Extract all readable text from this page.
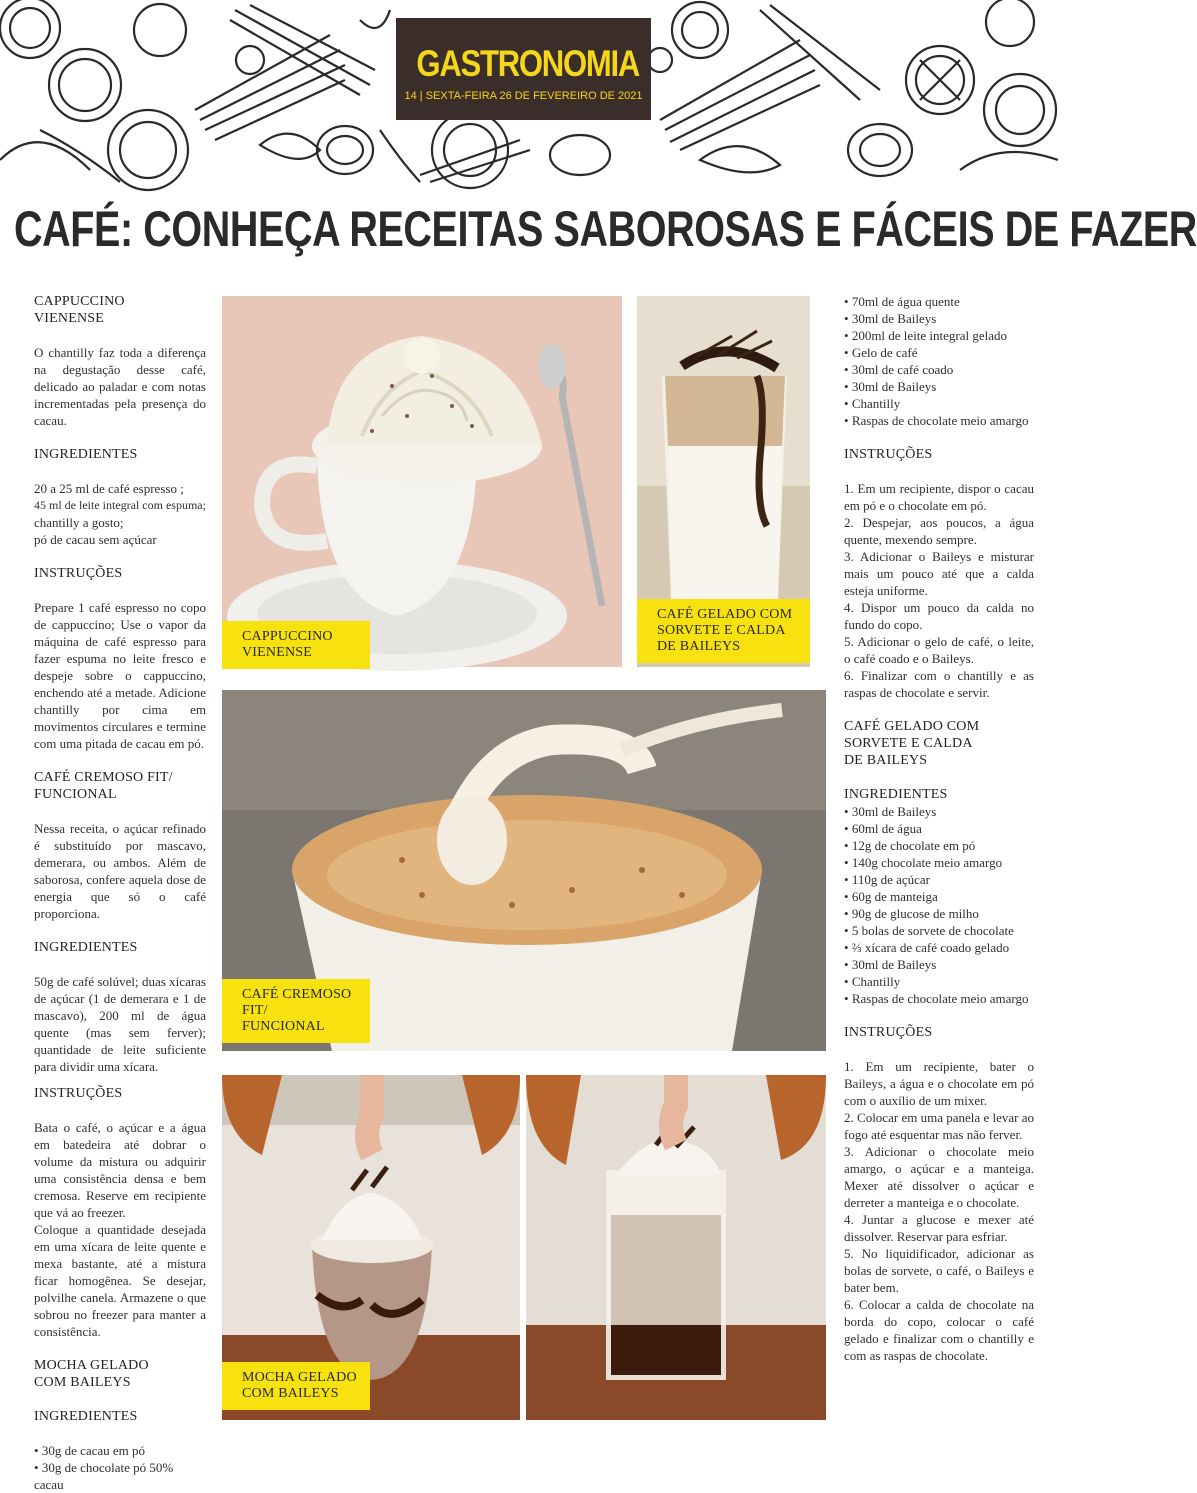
GASTRONOMIA
14 | SEXTA-FEIRA 26 DE FEVEREIRO DE 2021
CAFÉ: CONHEÇA RECEITAS SABOROSAS E FÁCEIS DE FAZER
CAPPUCCINO
VIENENSE

O chantilly faz toda a diferença na degustação desse café, delicado ao paladar e com notas incrementadas pela presença do cacau.

INGREDIENTES
20 a 25 ml de café espresso ;
45 ml de leite integral com espuma;
chantilly a gosto;
pó de cacau sem açúcar
INSTRUÇÕES

Prepare 1 café espresso no copo de cappuccino; Use o vapor da máquina de café espresso para fazer espuma no leite fresco e despeje sobre o cappuccino, enchendo até a metade. Adicione chantilly por cima em movimentos circulares e termine com uma pitada de cacau em pó.

CAFÉ CREMOSO FIT/
FUNCIONAL

Nessa receita, o açúcar refinado é substituído por mascavo, demerara, ou ambos. Além de saborosa, confere aquela dose de energia que só o café proporciona.

INGREDIENTES

50g de café solúvel; duas xícaras de açúcar (1 de demerara e 1 de mascavo), 200 ml de água quente (mas sem ferver); quantidade de leite suficiente para dividir uma xícara.

INSTRUÇÕES

Bata o café, o açúcar e a água em batedeira até dobrar o volume da mistura ou adquirir uma consistência densa e bem cremosa. Reserve em recipiente que vá ao freezer.

Coloque a quantidade desejada em uma xícara de leite quente e mexa bastante, até a mistura ficar homogênea. Se desejar, polvilhe canela. Armazene o que sobrou no freezer para manter a consistência.

MOCHA GELADO
COM BAILEYS
INGREDIENTES
• 30g de cacau em pó
• 30g de chocolate pó 50% cacau
CAPPUCCINO
VIENENSE
CAFÉ GELADO COM
SORVETE E CALDA
DE BAILEYS
CAFÉ CREMOSO
FIT/
FUNCIONAL
MOCHA GELADO
COM BAILEYS
• 70ml de água quente
• 30ml de Baileys
• 200ml de leite integral gelado
• Gelo de café
• 30ml de café coado
• 30ml de Baileys
• Chantilly
• Raspas de chocolate meio amargo
INSTRUÇÕES

1. Em um recipiente, dispor o cacau em pó e o chocolate em pó.

2. Despejar, aos poucos, a água quente, mexendo sempre.

3. Adicionar o Baileys e misturar mais um pouco até que a calda esteja uniforme.

4. Dispor um pouco da calda no fundo do copo.

5. Adicionar o gelo de café, o leite, o café coado e o Baileys.

6. Finalizar com o chantilly e as raspas de chocolate e servir.

CAFÉ GELADO COM
SORVETE E CALDA
DE BAILEYS
INGREDIENTES
• 30ml de Baileys
• 60ml de água
• 12g de chocolate em pó
• 140g chocolate meio amargo
• 110g de açúcar
• 60g de manteiga
• 90g de glucose de milho
• 5 bolas de sorvete de chocolate
• ⅔ xícara de café coado gelado
• 30ml de Baileys
• Chantilly
• Raspas de chocolate meio amargo
INSTRUÇÕES

1. Em um recipiente, bater o Baileys, a água e o chocolate em pó com o auxílio de um mixer.

2. Colocar em uma panela e levar ao fogo até esquentar mas não ferver.

3. Adicionar o chocolate meio amargo, o açúcar e a manteiga. Mexer até dissolver o açúcar e derreter a manteiga e o chocolate.

4. Juntar a glucose e mexer até dissolver. Reservar para esfriar.

5. No liquidificador, adicionar as bolas de sorvete, o café, o Baileys e bater bem.

6. Colocar a calda de chocolate na borda do copo, colocar o café gelado e finalizar com o chantilly e com as raspas de chocolate.
